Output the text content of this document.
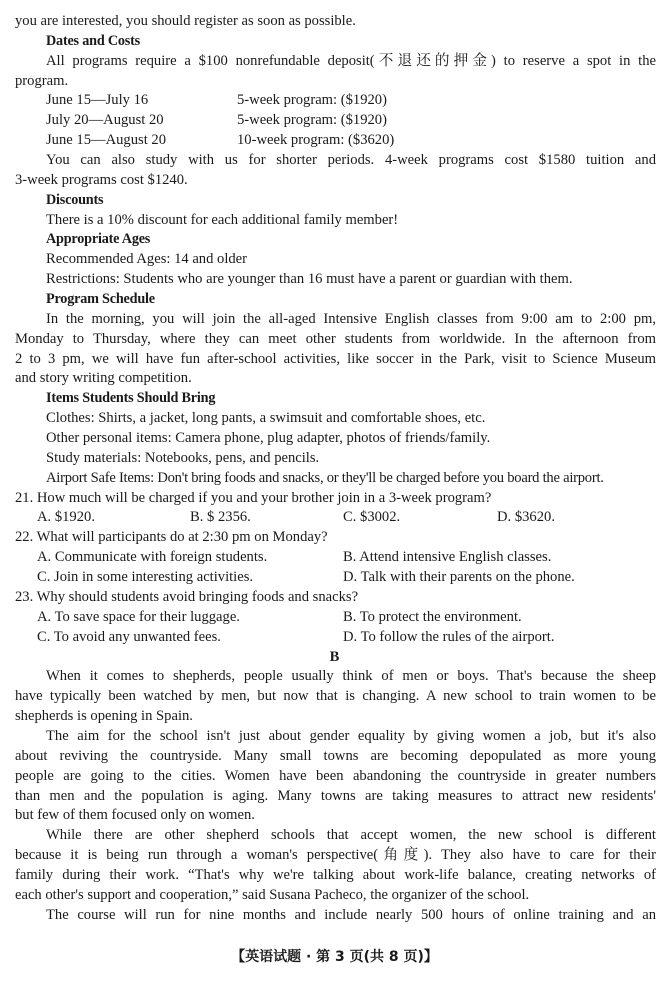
you are interested, you should register as soon as possible.
Dates and Costs
All programs require a $100 nonrefundable deposit(不退还的押金) to reserve a spot in the
program.
June 15—July 16	5-week program: ($1920)
July 20—August 20	5-week program: ($1920)
June 15—August 20	10-week program: ($3620)
You can also study with us for shorter periods. 4-week programs cost $1580 tuition and
3-week programs cost $1240.
Discounts
There is a 10% discount for each additional family member!
Appropriate Ages
Recommended Ages: 14 and older
Restrictions: Students who are younger than 16 must have a parent or guardian with them.
Program Schedule
In the morning, you will join the all-aged Intensive English classes from 9:00 am to 2:00 pm,
Monday to Thursday, where they can meet other students from worldwide. In the afternoon from
2 to 3 pm, we will have fun after-school activities, like soccer in the Park, visit to Science Museum
and story writing competition.
Items Students Should Bring
Clothes: Shirts, a jacket, long pants, a swimsuit and comfortable shoes, etc.
Other personal items: Camera phone, plug adapter, photos of friends/family.
Study materials: Notebooks, pens, and pencils.
Airport Safe Items: Don't bring foods and snacks, or they'll be charged before you board the airport.
21. How much will be charged if you and your brother join in a 3-week program?
A. $1920.	B. $ 2356.	C. $3002.	D. $3620.
22. What will participants do at 2:30 pm on Monday?
A. Communicate with foreign students.	B. Attend intensive English classes.
C. Join in some interesting activities.	D. Talk with their parents on the phone.
23. Why should students avoid bringing foods and snacks?
A. To save space for their luggage.	B. To protect the environment.
C. To avoid any unwanted fees.	D. To follow the rules of the airport.
B
When it comes to shepherds, people usually think of men or boys. That's because the sheep
have typically been watched by men, but now that is changing. A new school to train women to be
shepherds is opening in Spain.
The aim for the school isn't just about gender equality by giving women a job, but it's also
about reviving the countryside. Many small towns are becoming depopulated as more young
people are going to the cities. Women have been abandoning the countryside in greater numbers
than men and the population is aging. Many towns are taking measures to attract new residents'
but few of them focused only on women.
While there are other shepherd schools that accept women, the new school is different
because it is being run through a woman's perspective(角度). They also have to care for their
family during their work. “That's why we're talking about work-life balance, creating networks of
each other's support and cooperation,” said Susana Pacheco, the organizer of the school.
The course will run for nine months and include nearly 500 hours of online training and an
【英语试题 · 第 3 页(共 8 页)】
